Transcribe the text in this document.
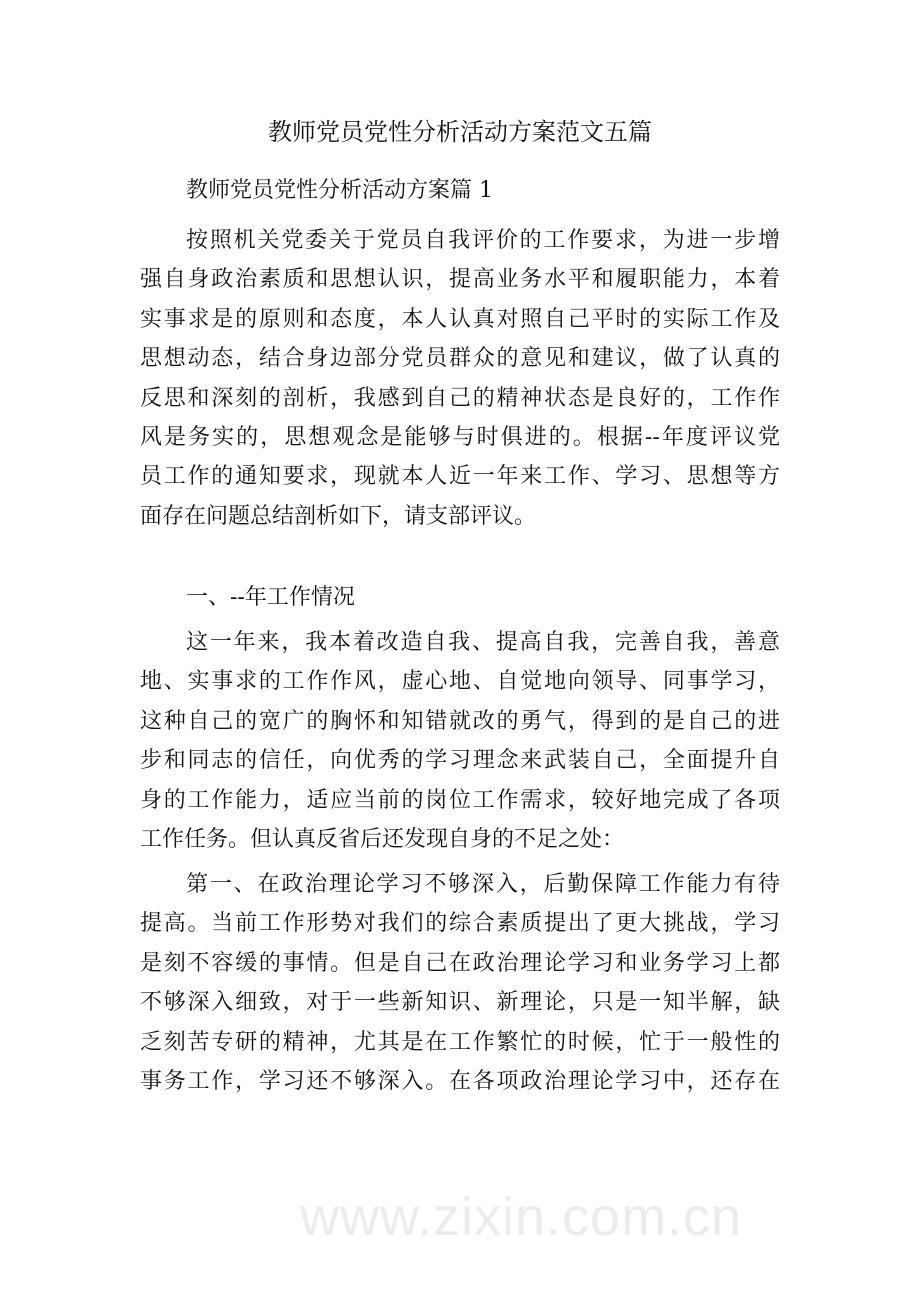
www.zixin.com.cn
教师党员党性分析活动方案范文五篇
教师党员党性分析活动方案篇 1
按照机关党委关于党员自我评价的工作要求，为进一步增
强自身政治素质和思想认识，提高业务水平和履职能力，本着
实事求是的原则和态度，本人认真对照自己平时的实际工作及
思想动态，结合身边部分党员群众的意见和建议，做了认真的
反思和深刻的剖析，我感到自己的精神状态是良好的，工作作
风是务实的，思想观念是能够与时俱进的。根据--年度评议党
员工作的通知要求，现就本人近一年来工作、学习、思想等方
面存在问题总结剖析如下，请支部评议。
一、--年工作情况
这一年来，我本着改造自我、提高自我，完善自我，善意
地、实事求的工作作风，虚心地、自觉地向领导、同事学习，
这种自己的宽广的胸怀和知错就改的勇气，得到的是自己的进
步和同志的信任，向优秀的学习理念来武装自己，全面提升自
身的工作能力，适应当前的岗位工作需求，较好地完成了各项
工作任务。但认真反省后还发现自身的不足之处：
第一、在政治理论学习不够深入，后勤保障工作能力有待
提高。当前工作形势对我们的综合素质提出了更大挑战，学习
是刻不容缓的事情。但是自己在政治理论学习和业务学习上都
不够深入细致，对于一些新知识、新理论，只是一知半解，缺
乏刻苦专研的精神，尤其是在工作繁忙的时候，忙于一般性的
事务工作，学习还不够深入。在各项政治理论学习中，还存在
